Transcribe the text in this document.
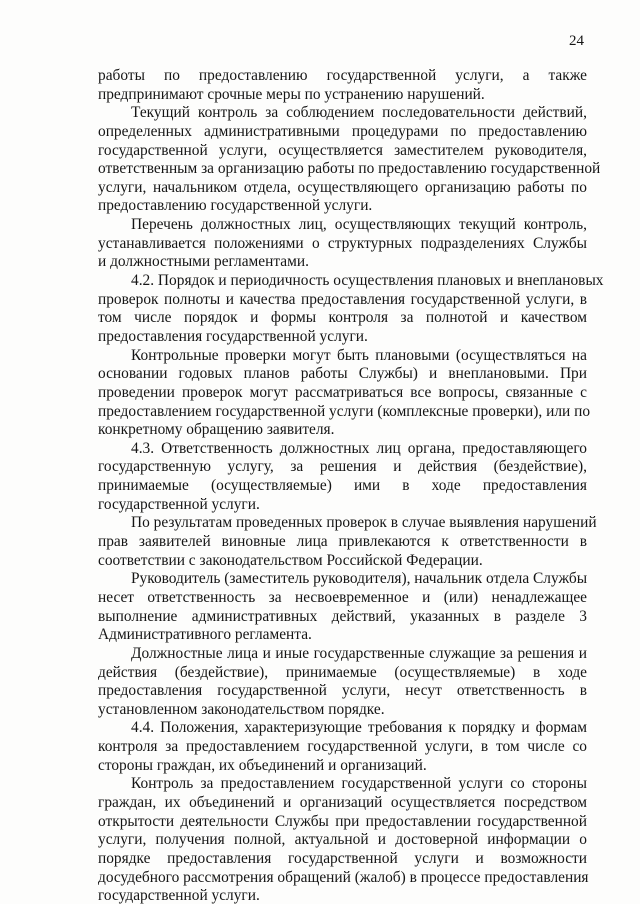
24
работы по предоставлению государственной услуги, а также
предпринимают срочные меры по устранению нарушений.
Текущий контроль за соблюдением последовательности действий,
определенных административными процедурами по предоставлению
государственной услуги, осуществляется заместителем руководителя,
ответственным за организацию работы по предоставлению государственной
услуги, начальником отдела, осуществляющего организацию работы по
предоставлению государственной услуги.
Перечень должностных лиц, осуществляющих текущий контроль,
устанавливается положениями о структурных подразделениях Службы
и должностными регламентами.
4.2. Порядок и периодичность осуществления плановых и внеплановых
проверок полноты и качества предоставления государственной услуги, в
том числе порядок и формы контроля за полнотой и качеством
предоставления государственной услуги.
Контрольные проверки могут быть плановыми (осуществляться на
основании годовых планов работы Службы) и внеплановыми. При
проведении проверок могут рассматриваться все вопросы, связанные с
предоставлением государственной услуги (комплексные проверки), или по
конкретному обращению заявителя.
4.3. Ответственность должностных лиц органа, предоставляющего
государственную услугу, за решения и действия (бездействие),
принимаемые (осуществляемые) ими в ходе предоставления
государственной услуги.
По результатам проведенных проверок в случае выявления нарушений
прав заявителей виновные лица привлекаются к ответственности в
соответствии с законодательством Российской Федерации.
Руководитель (заместитель руководителя), начальник отдела Службы
несет ответственность за несвоевременное и (или) ненадлежащее
выполнение административных действий, указанных в разделе 3
Административного регламента.
Должностные лица и иные государственные служащие за решения и
действия (бездействие), принимаемые (осуществляемые) в ходе
предоставления государственной услуги, несут ответственность в
установленном законодательством порядке.
4.4. Положения, характеризующие требования к порядку и формам
контроля за предоставлением государственной услуги, в том числе со
стороны граждан, их объединений и организаций.
Контроль за предоставлением государственной услуги со стороны
граждан, их объединений и организаций осуществляется посредством
открытости деятельности Службы при предоставлении государственной
услуги, получения полной, актуальной и достоверной информации о
порядке предоставления государственной услуги и возможности
досудебного рассмотрения обращений (жалоб) в процессе предоставления
государственной услуги.
